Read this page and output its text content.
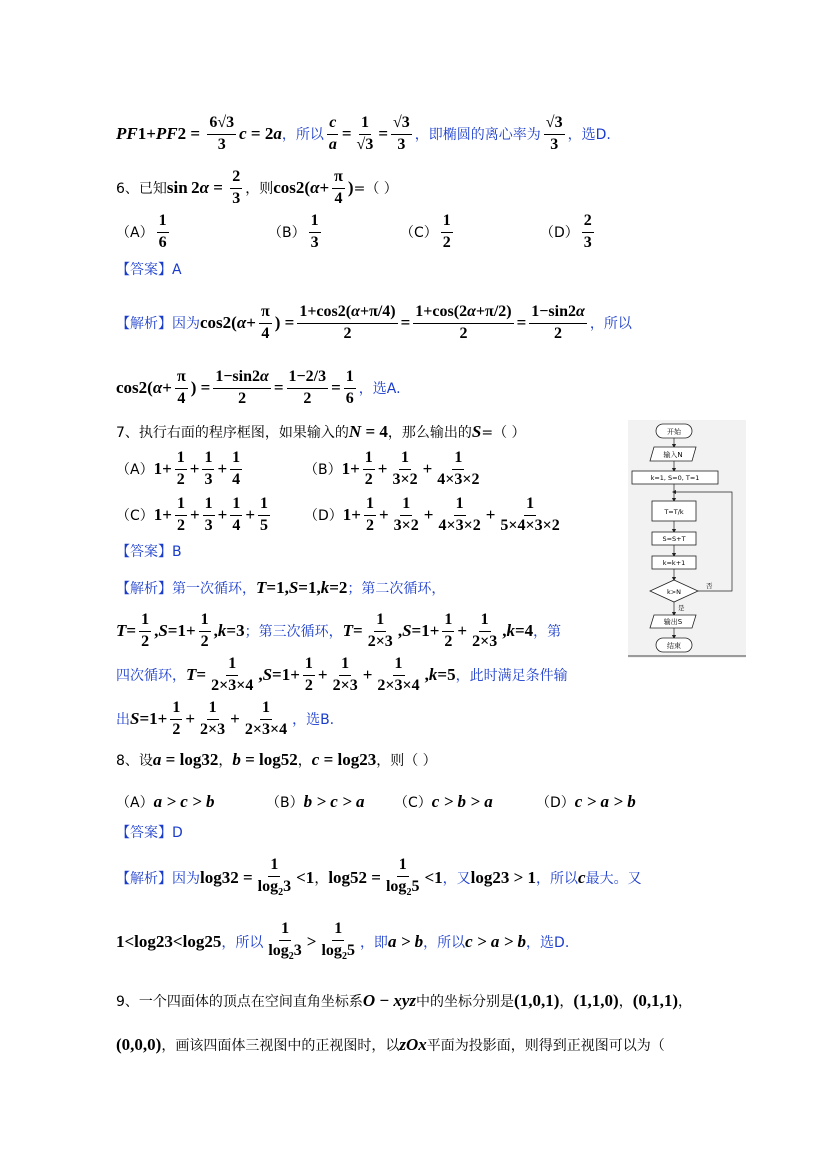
PF 1 + PF $2 = \frac{6√3}{3}$ c = 2 a ，所以 $\frac{c}{a} = \frac{1}{√3} = \frac{√3}{3}$ ，即椭圆的离心率为 $\frac{√3}{3}$ ，选D.
6、已知 sin 2 $\alpha = \frac{2}{3}$ ，则 cos 2 ( $\alpha + \frac{\pi}{4}$ ) =（ ）
$(A) \frac{1}{6}$	$(B) \frac{1}{3}$	$(C) \frac{1}{2}$	$(D) \frac{2}{3}$
【答案】A
【解析】因为 cos 2 ( $\alpha + \frac{\pi}{4}$ ) = $\frac{1+\cos 2(\alpha+\pi/4)}{2} = \frac{1+\cos(2\alpha+\pi/2)}{2} = \frac{1-\sin 2\alpha}{2}$ ，所以
cos 2 ( $\alpha + \frac{\pi}{4}$ ) = $\frac{1-\sin 2\alpha}{2} = \frac{1-2/3}{2} = \frac{1}{6}$ ，选A.
7、执行右面的程序框图，如果输入的 N = 4 ，那么输出的 S =（ ）
（A） $1+ \frac{1}{2} + \frac{1}{3} + \frac{1}{4}$	（B） $1+ \frac{1}{2} + \frac{1}{3\times 2} + \frac{1}{4\times 3\times 2}$
（C） $1+ \frac{1}{2} + \frac{1}{3} + \frac{1}{4} + \frac{1}{5} (D)$ $1+ \frac{1}{2} + \frac{1}{3\times 2} + \frac{1}{4\times 3\times 2} + \frac{1}{5\times 4\times 3\times 2}$
【答案】B
【解析】第一次循环， T =1, S =1, k =2 ；第二次循环，
$T = \frac{1}{2}$ , $S =1+ \frac{1}{2}$ , k =3 ；第三次循环， $T = \frac{1}{2\times 3}$ , $S =1+ \frac{1}{2} + \frac{1}{2\times 3}$ , k =4 ，第
四次循环， $T = \frac{1}{2\times 3\times 4}$ , $S =1+ \frac{1}{2} + \frac{1}{2\times 3} + \frac{1}{2\times 3\times 4}$ , k =5 ，此时满足条件输
出 $S =1+ \frac{1}{2} + \frac{1}{2\times 3} + \frac{1}{2\times 3\times 4}$ ，选B.
开始
输入N
k=1, S=0, T=1
T=T/k
S=S+T
k=k+1
k>N
否
是
输出S
结束
8、设 a = log 3 2 ， b = log 5 2 ， c = log 2 3 ，则（ ）
（A） a > c > b	（B） b > c > a （C） c > b > a	（D） c > a > b
【答案】D
【解析】因为 log 3 $2 = \frac{1}{\log_23} <1$ ， log 5 $2 = \frac{1}{\log_25} <1$ ，又 log 2 3 > 1 ，所以 c 最大。又
1<log 2 3<log 2 5 ，所以 $\frac{1}{\log_23} > \frac{1}{\log_25}$ ，即 a > b ，所以 c > a > b ，选D.
9、一个四面体的顶点在空间直角坐标系 O − xyz 中的坐标分别是 (1,0,1) ， (1,1,0) ， (0,1,1) ，
(0,0,0) ，画该四面体三视图中的正视图时，以 zOx 平面为投影面，则得到正视图可以为（
